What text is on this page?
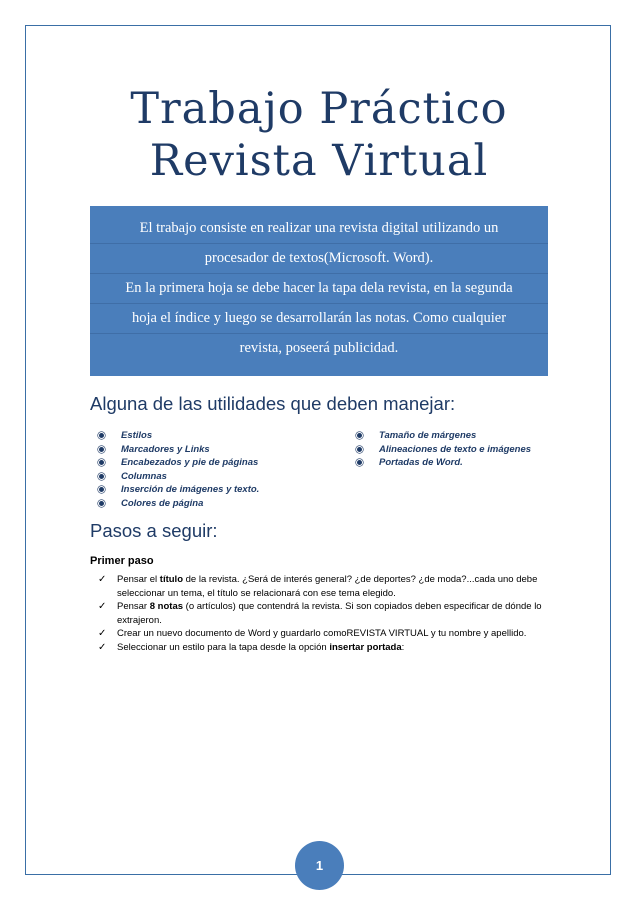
Trabajo Práctico
Revista Virtual
El trabajo consiste en realizar una revista digital utilizando un
procesador de textos(Microsoft. Word).
En la primera hoja se debe hacer la tapa dela revista, en la segunda
hoja el índice y luego se desarrollarán las notas. Como cualquier
revista, poseerá publicidad.
Alguna de las utilidades que deben manejar:
Estilos
Marcadores y Links
Encabezados y pie de páginas
Columnas
Inserción de imágenes y texto.
Colores de página
Tamaño de márgenes
Alineaciones de texto e imágenes
Portadas de Word.
Pasos a seguir:
Primer paso
✓ Pensar el título de la revista. ¿Será de interés general? ¿de deportes? ¿de moda?...cada uno debe seleccionar un tema, el título se relacionará con ese tema elegido.
✓ Pensar 8 notas (o artículos) que contendrá la revista. Si son copiados deben especificar de dónde lo extrajeron.
✓ Crear un nuevo documento de Word y guardarlo comoREVISTA VIRTUAL y tu nombre y apellido.
✓ Seleccionar un estilo para la tapa desde la opción insertar portada:
1
